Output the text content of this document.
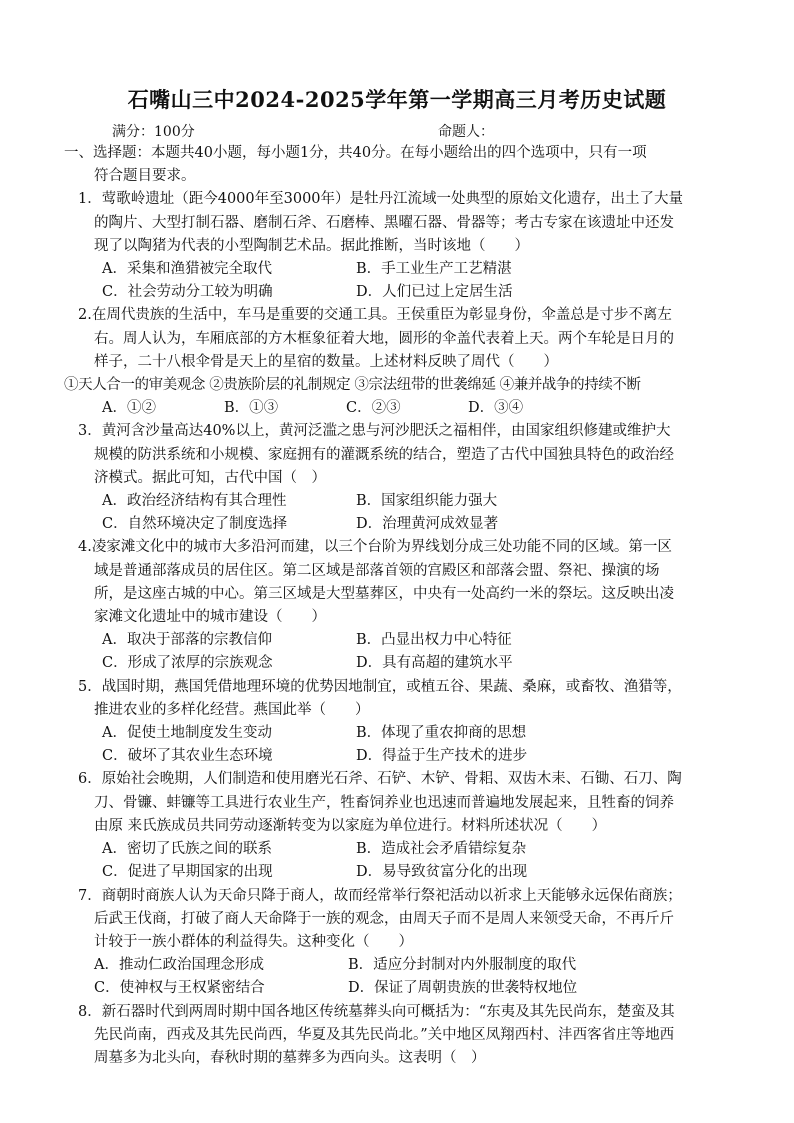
石嘴山三中2024-2025学年第一学期高三月考历史试题
满分：100分	命题人：
一、选择题：本题共40小题，每小题1分，共40分。在每小题给出的四个选项中，只有一项
符合题目要求。
1．莺歌岭遗址（距今4000年至3000年）是牡丹江流域一处典型的原始文化遗存，出土了大量
的陶片、大型打制石器、磨制石斧、石磨棒、黑曜石器、骨器等；考古专家在该遗址中还发
现了以陶猪为代表的小型陶制艺术品。据此推断，当时该地（　　）
A．采集和渔猎被完全取代	B．手工业生产工艺精湛
C．社会劳动分工较为明确	D．人们已过上定居生活
2.在周代贵族的生活中，车马是重要的交通工具。王侯重臣为彰显身份，伞盖总是寸步不离左
右。周人认为，车厢底部的方木框象征着大地，圆形的伞盖代表着上天。两个车轮是日月的
样子，二十八根伞骨是天上的星宿的数量。上述材料反映了周代（　　）
①天人合一的审美观念 ②贵族阶层的礼制规定 ③宗法纽带的世袭绵延 ④兼并战争的持续不断
A．①②	B．①③	C．②③	D．③④
3．黄河含沙量高达40%以上，黄河泛滥之患与河沙肥沃之福相伴，由国家组织修建或维护大
规模的防洪系统和小规模、家庭拥有的灌溉系统的结合，塑造了古代中国独具特色的政治经
济模式。据此可知，古代中国（　）
A．政治经济结构有其合理性	B．国家组织能力强大
C．自然环境决定了制度选择	D．治理黄河成效显著
4.凌家滩文化中的城市大多沿河而建，以三个台阶为界线划分成三处功能不同的区域。第一区
域是普通部落成员的居住区。第二区域是部落首领的宫殿区和部落会盟、祭祀、操演的场
所，是这座古城的中心。第三区域是大型墓葬区，中央有一处高约一米的祭坛。这反映出凌
家滩文化遗址中的城市建设（　　）
A．取决于部落的宗教信仰	B．凸显出权力中心特征
C．形成了浓厚的宗族观念	D．具有高超的建筑水平
5．战国时期，燕国凭借地理环境的优势因地制宜，或植五谷、果蔬、桑麻，或畜牧、渔猎等，
推进农业的多样化经营。燕国此举（　　）
A．促使土地制度发生变动	B．体现了重农抑商的思想
C．破坏了其农业生态环境	D．得益于生产技术的进步
6．原始社会晚期，人们制造和使用磨光石斧、石铲、木铲、骨耜、双齿木耒、石锄、石刀、陶
刀、骨镰、蚌镰等工具进行农业生产，牲畜饲养业也迅速而普遍地发展起来，且牲畜的饲养
由原 来氏族成员共同劳动逐渐转变为以家庭为单位进行。材料所述状况（　　）
A．密切了氏族之间的联系	B．造成社会矛盾错综复杂
C．促进了早期国家的出现	D．易导致贫富分化的出现
7．商朝时商族人认为天命只降于商人，故而经常举行祭祀活动以祈求上天能够永远保佑商族；
后武王伐商，打破了商人天命降于一族的观念，由周天子而不是周人来领受天命，不再斤斤
计较于一族小群体的利益得失。这种变化（　　）
A．推动仁政治国理念形成	B．适应分封制对内外服制度的取代
C．使神权与王权紧密结合	D．保证了周朝贵族的世袭特权地位
8．新石器时代到两周时期中国各地区传统墓葬头向可概括为：“东夷及其先民尚东，楚蛮及其
先民尚南，西戎及其先民尚西，华夏及其先民尚北。”关中地区凤翔西村、沣西客省庄等地西
周墓多为北头向，春秋时期的墓葬多为西向头。这表明（　）
